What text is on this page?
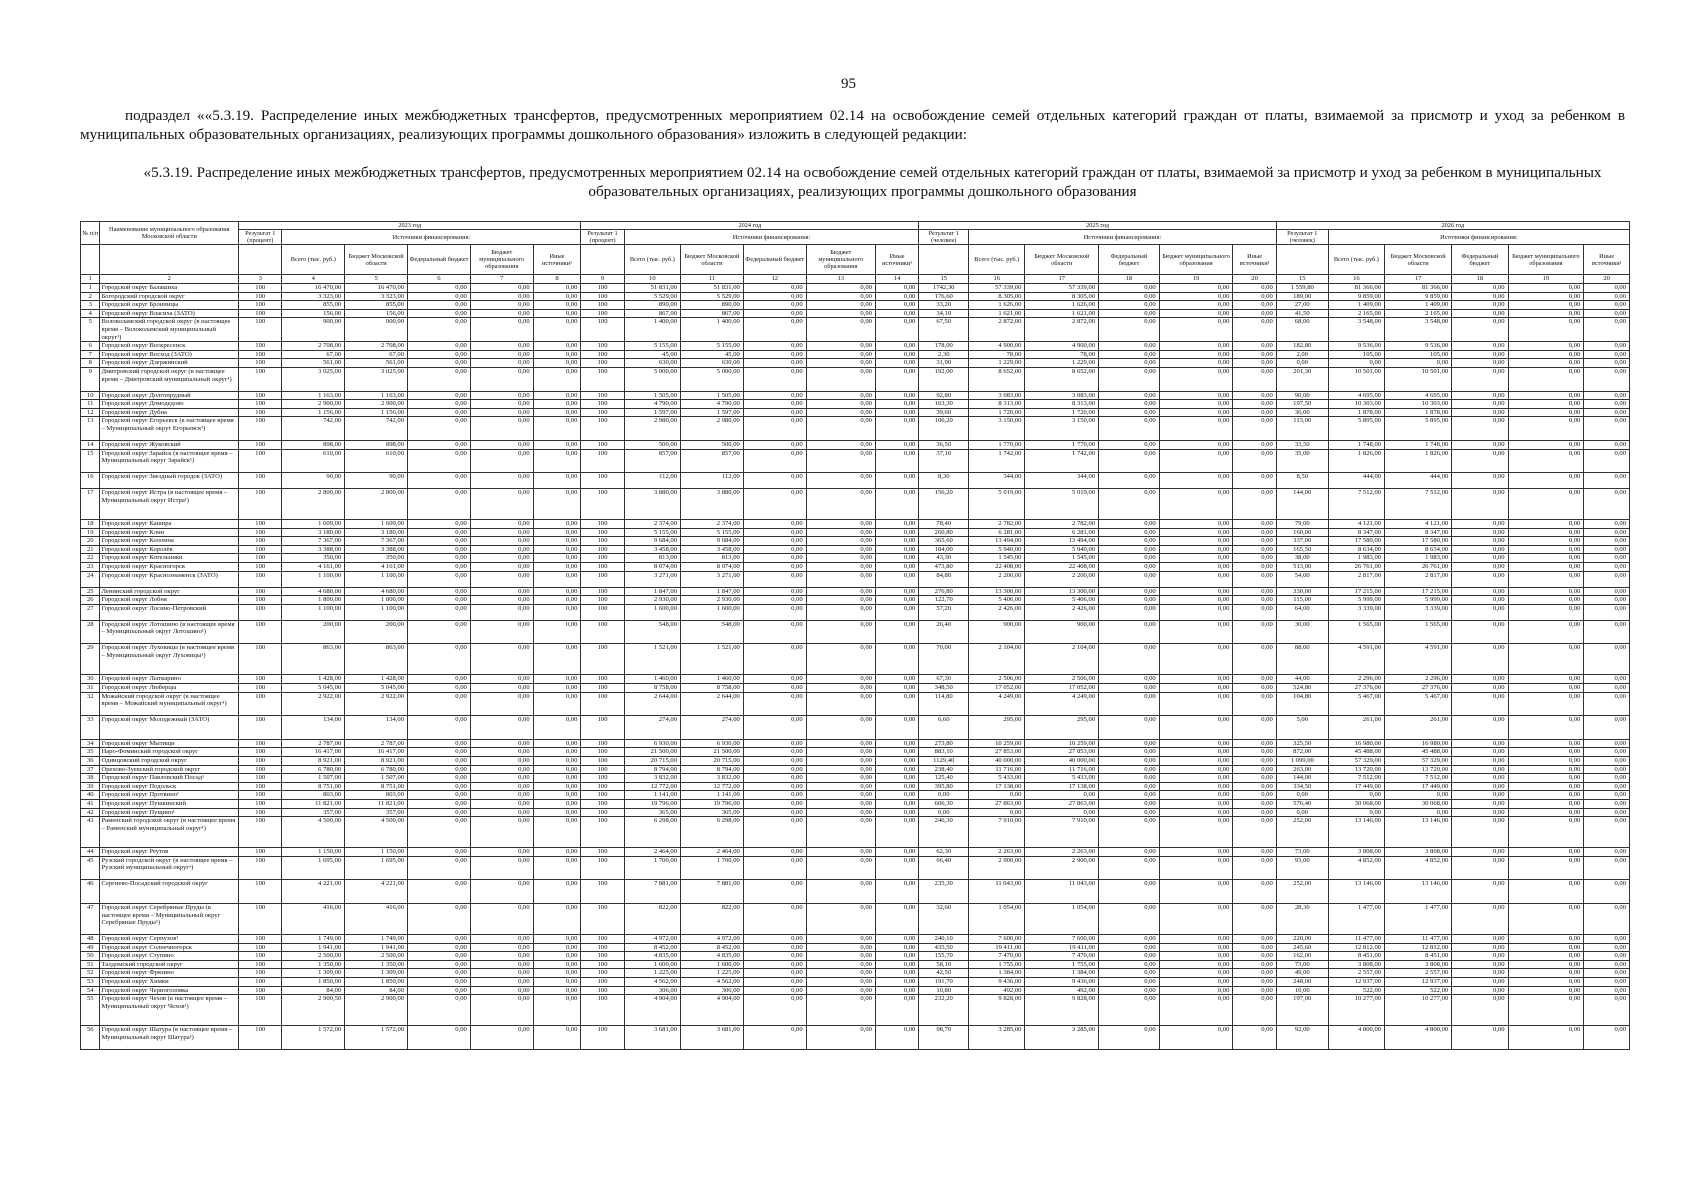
95
подраздел ««5.3.19. Распределение иных межбюджетных трансфертов, предусмотренных мероприятием 02.14 на освобождение семей отдельных категорий граждан от платы, взимаемой за присмотр и уход за ребенком в муниципальных образовательных организациях, реализующих программы дошкольного образования» изложить в следующей редакции:
«5.3.19. Распределение иных межбюджетных трансфертов, предусмотренных мероприятием 02.14 на освобождение семей отдельных категорий граждан от платы, взимаемой за присмотр и уход за ребенком в муниципальных образовательных организациях, реализующих программы дошкольного образования
№ п/п	Наименование муниципального образования Московской области	2023 год						2024 год						2025 год						2026 год					
		Результат 1 (процент)	Источники финансирования:					Результат 1 (процент)	Источники финансирования:					Результат 1 (человек)	Источники финансирования:					Результат 1 (человек)	Источники финансирования:				
			Всего (тыс. руб.)	Бюджет Московской области	Федеральный бюджет	Бюджет муниципального образования	Иные источники¹		Всего (тыс. руб.)	Бюджет Московской области	Федеральный бюджет	Бюджет муниципального образования	Иные источники¹		Всего (тыс. руб.)	Бюджет Московской области	Федеральный бюджет	Бюджет муниципального образования	Иные источники¹		Всего (тыс. руб.)	Бюджет Московской области	Федеральный бюджет	Бюджет муниципального образования	Иные источники¹
1	2	3	4	5	6	7	8	9	10	11	12	13	14	15	16	17	18	19	20	15	16	17	18	19	20
1	Городской округ Балашиха	100	16 470,00	16 470,00	0,00	0,00	0,00	100	51 831,00	51 831,00	0,00	0,00	0,00	1742,30	57 339,00	57 339,00	0,00	0,00	0,00	1 559,80	81 366,00	81 366,00	0,00	0,00	0,00
2	Богородский городской округ	100	3 323,00	3 323,00	0,00	0,00	0,00	100	5 529,00	5 529,00	0,00	0,00	0,00	176,60	8 305,00	8 305,00	0,00	0,00	0,00	189,00	9 859,00	9 859,00	0,00	0,00	0,00
3	Городской округ Бронницы	100	855,00	855,00	0,00	0,00	0,00	100	890,00	890,00	0,00	0,00	0,00	33,20	1 626,00	1 626,00	0,00	0,00	0,00	27,00	1 409,00	1 409,00	0,00	0,00	0,00
4	Городской округ Власиха (ЗАТО)	100	156,00	156,00	0,00	0,00	0,00	100	867,00	867,00	0,00	0,00	0,00	34,10	1 621,00	1 621,00	0,00	0,00	0,00	41,50	2 165,00	2 165,00	0,00	0,00	0,00
5	Волоколамский городской округ (в настоящее время – Волоколамский муниципальный округ¹)	100	900,00	900,00	0,00	0,00	0,00	100	1 400,00	1 400,00	0,00	0,00	0,00	67,50	2 872,00	2 872,00	0,00	0,00	0,00	68,00	3 548,00	3 548,00	0,00	0,00	0,00
6	Городской округ Воскресенск	100	2 708,00	2 708,00	0,00	0,00	0,00	100	5 155,00	5 155,00	0,00	0,00	0,00	178,00	4 900,00	4 900,00	0,00	0,00	0,00	182,80	9 536,00	9 536,00	0,00	0,00	0,00
7	Городской округ Восход (ЗАТО)	100	67,00	67,00	0,00	0,00	0,00	100	45,00	45,00	0,00	0,00	0,00	2,30	78,00	78,00	0,00	0,00	0,00	2,00	105,00	105,00	0,00	0,00	0,00
8	Городской округ Дзержинский	100	561,00	561,00	0,00	0,00	0,00	100	630,00	630,00	0,00	0,00	0,00	31,90	1 229,00	1 229,00	0,00	0,00	0,00	0,00	0,00	0,00	0,00	0,00	0,00
9	Дмитровский городской округ (в настоящее время – Дмитровский муниципальный округ¹)	100	3 025,00	3 025,00	0,00	0,00	0,00	100	5 000,00	5 000,00	0,00	0,00	0,00	192,00	8 652,00	8 652,00	0,00	0,00	0,00	201,30	10 501,00	10 501,00	0,00	0,00	0,00
10	Городской округ Долгопрудный	100	1 163,00	1 163,00	0,00	0,00	0,00	100	1 505,00	1 505,00	0,00	0,00	0,00	92,80	3 083,00	3 083,00	0,00	0,00	0,00	90,00	4 695,00	4 695,00	0,00	0,00	0,00
11	Городской округ Домодедово	100	2 900,00	2 900,00	0,00	0,00	0,00	100	4 790,00	4 790,00	0,00	0,00	0,00	163,30	8 313,00	8 313,00	0,00	0,00	0,00	197,50	10 303,00	10 303,00	0,00	0,00	0,00
12	Городской округ Дубна	100	1 156,00	1 156,00	0,00	0,00	0,00	100	1 597,00	1 597,00	0,00	0,00	0,00	39,60	1 720,00	1 720,00	0,00	0,00	0,00	36,00	1 878,00	1 878,00	0,00	0,00	0,00
13	Городской округ Егорьевск (в настоящее время – Муниципальный округ Егорьевск¹)	100	742,00	742,00	0,00	0,00	0,00	100	2 980,00	2 980,00	0,00	0,00	0,00	106,20	3 150,00	3 150,00	0,00	0,00	0,00	113,00	5 895,00	5 895,00	0,00	0,00	0,00
14	Городской округ Жуковский	100	898,00	898,00	0,00	0,00	0,00	100	500,00	500,00	0,00	0,00	0,00	36,50	1 770,00	1 770,00	0,00	0,00	0,00	33,50	1 748,00	1 748,00	0,00	0,00	0,00
15	Городской округ Зарайск (в настоящее время – Муниципальный округ Зарайск¹)	100	610,00	610,00	0,00	0,00	0,00	100	857,00	857,00	0,00	0,00	0,00	37,10	1 742,00	1 742,00	0,00	0,00	0,00	35,00	1 826,00	1 826,00	0,00	0,00	0,00
16	Городской округ Звездный городок (ЗАТО)	100	90,00	90,00	0,00	0,00	0,00	100	112,00	112,00	0,00	0,00	0,00	8,30	344,00	344,00	0,00	0,00	0,00	8,50	444,00	444,00	0,00	0,00	0,00
17	Городской округ Истра (в настоящее время – Муниципальный округ Истра¹)	100	2 800,00	2 800,00	0,00	0,00	0,00	100	3 880,00	3 880,00	0,00	0,00	0,00	156,20	5 019,00	5 019,00	0,00	0,00	0,00	144,00	7 512,00	7 512,00	0,00	0,00	0,00
18	Городской округ Кашира	100	1 609,00	1 609,00	0,00	0,00	0,00	100	2 374,00	2 374,00	0,00	0,00	0,00	78,40	2 782,00	2 782,00	0,00	0,00	0,00	79,00	4 121,00	4 121,00	0,00	0,00	0,00
19	Городской округ Клин	100	3 180,00	3 180,00	0,00	0,00	0,00	100	5 155,00	5 155,00	0,00	0,00	0,00	260,80	6 281,00	6 281,00	0,00	0,00	0,00	160,00	8 347,00	8 347,00	0,00	0,00	0,00
20	Городской округ Коломна	100	7 367,00	7 367,00	0,00	0,00	0,00	100	9 684,00	9 684,00	0,00	0,00	0,00	365,60	13 494,00	13 494,00	0,00	0,00	0,00	337,00	17 580,00	17 580,00	0,00	0,00	0,00
21	Городской округ Королёв	100	3 388,00	3 388,00	0,00	0,00	0,00	100	3 458,00	3 458,00	0,00	0,00	0,00	184,00	5 940,00	5 940,00	0,00	0,00	0,00	165,50	8 634,00	8 634,00	0,00	0,00	0,00
22	Городской округ Котельники	100	350,00	350,00	0,00	0,00	0,00	100	813,00	813,00	0,00	0,00	0,00	43,30	1 545,00	1 545,00	0,00	0,00	0,00	38,00	1 983,00	1 983,00	0,00	0,00	0,00
23	Городской округ Красногорск	100	4 161,00	4 161,00	0,00	0,00	0,00	100	8 074,00	8 074,00	0,00	0,00	0,00	473,80	22 408,00	22 408,00	0,00	0,00	0,00	513,00	26 761,00	26 761,00	0,00	0,00	0,00
24	Городской округ Краснознаменск (ЗАТО)	100	1 100,00	1 100,00	0,00	0,00	0,00	100	3 271,00	3 271,00	0,00	0,00	0,00	84,80	2 200,00	2 200,00	0,00	0,00	0,00	54,00	2 817,00	2 817,00	0,00	0,00	0,00
25	Ленинский городской округ	100	4 680,00	4 680,00	0,00	0,00	0,00	100	1 847,00	1 847,00	0,00	0,00	0,00	276,80	13 300,00	13 300,00	0,00	0,00	0,00	330,00	17 215,00	17 215,00	0,00	0,00	0,00
26	Городской округ Лобня	100	1 800,00	1 800,00	0,00	0,00	0,00	100	2 930,00	2 930,00	0,00	0,00	0,00	122,70	5 406,00	5 406,00	0,00	0,00	0,00	115,00	5 999,00	5 999,00	0,00	0,00	0,00
27	Городской округ Лосино-Петровский	100	1 100,00	1 100,00	0,00	0,00	0,00	100	1 600,00	1 600,00	0,00	0,00	0,00	57,20	2 426,00	2 426,00	0,00	0,00	0,00	64,00	3 339,00	3 339,00	0,00	0,00	0,00
28	Городской округ Лотошино (в настоящее время – Муниципальный округ Лотошино¹)	100	200,00	200,00	0,00	0,00	0,00	100	548,00	548,00	0,00	0,00	0,00	26,40	900,00	900,00	0,00	0,00	0,00	30,00	1 565,00	1 565,00	0,00	0,00	0,00
29	Городской округ Луховицы (в настоящее время – Муниципальный округ Луховицы¹)	100	863,00	863,00	0,00	0,00	0,00	100	1 521,00	1 521,00	0,00	0,00	0,00	70,00	2 104,00	2 104,00	0,00	0,00	0,00	88,00	4 591,00	4 591,00	0,00	0,00	0,00
30	Городской округ Лыткарино	100	1 428,00	1 428,00	0,00	0,00	0,00	100	1 460,00	1 460,00	0,00	0,00	0,00	67,30	2 506,00	2 506,00	0,00	0,00	0,00	44,00	2 296,00	2 296,00	0,00	0,00	0,00
31	Городской округ Люберцы	100	5 045,00	5 045,00	0,00	0,00	0,00	100	8 758,00	8 758,00	0,00	0,00	0,00	348,50	17 052,00	17 052,00	0,00	0,00	0,00	524,80	27 376,00	27 376,00	0,00	0,00	0,00
32	Можайский городской округ (в настоящее время – Можайский муниципальный округ¹)	100	2 922,00	2 922,00	0,00	0,00	0,00	100	2 644,00	2 644,00	0,00	0,00	0,00	114,80	4 249,00	4 249,00	0,00	0,00	0,00	104,80	5 467,00	5 467,00	0,00	0,00	0,00
33	Городской округ Молодежный (ЗАТО)	100	134,00	134,00	0,00	0,00	0,00	100	274,00	274,00	0,00	0,00	0,00	6,60	295,00	295,00	0,00	0,00	0,00	5,00	261,00	261,00	0,00	0,00	0,00
34	Городской округ Мытищи	100	2 787,00	2 787,00	0,00	0,00	0,00	100	6 930,00	6 930,00	0,00	0,00	0,00	273,80	10 259,00	10 259,00	0,00	0,00	0,00	325,50	16 980,00	16 980,00	0,00	0,00	0,00
35	Наро-Фоминский городской округ	100	16 417,00	16 417,00	0,00	0,00	0,00	100	21 500,00	21 500,00	0,00	0,00	0,00	883,10	27 853,00	27 853,00	0,00	0,00	0,00	872,00	45 488,00	45 488,00	0,00	0,00	0,00
36	Одинцовский городской округ	100	8 921,00	8 921,00	0,00	0,00	0,00	100	20 715,00	20 715,00	0,00	0,00	0,00	1129,40	40 000,00	40 000,00	0,00	0,00	0,00	1 099,00	57 329,00	57 329,00	0,00	0,00	0,00
37	Орехово-Зуевский городской округ	100	6 780,00	6 780,00	0,00	0,00	0,00	100	8 794,00	8 794,00	0,00	0,00	0,00	238,40	11 716,00	11 716,00	0,00	0,00	0,00	263,00	13 720,00	13 720,00	0,00	0,00	0,00
38	Городской округ Павловский Посад¹	100	1 507,00	1 507,00	0,00	0,00	0,00	100	3 832,00	3 832,00	0,00	0,00	0,00	125,40	5 433,00	5 433,00	0,00	0,00	0,00	144,00	7 512,00	7 512,00	0,00	0,00	0,00
39	Городской округ Подольск	100	8 751,00	8 751,00	0,00	0,00	0,00	100	12 772,00	12 772,00	0,00	0,00	0,00	395,80	17 138,00	17 138,00	0,00	0,00	0,00	334,50	17 449,00	17 449,00	0,00	0,00	0,00
40	Городской округ Протвино¹	100	803,00	803,00	0,00	0,00	0,00	100	1 141,00	1 141,00	0,00	0,00	0,00	0,00	0,00	0,00	0,00	0,00	0,00	0,00	0,00	0,00	0,00	0,00	0,00
41	Городской округ Пушкинский	100	11 821,00	11 821,00	0,00	0,00	0,00	100	19 796,00	19 796,00	0,00	0,00	0,00	606,30	27 863,00	27 863,00	0,00	0,00	0,00	576,40	30 068,00	30 068,00	0,00	0,00	0,00
42	Городской округ Пущино¹	100	357,00	357,00	0,00	0,00	0,00	100	365,00	365,00	0,00	0,00	0,00	0,00	0,00	0,00	0,00	0,00	0,00	0,00	0,00	0,00	0,00	0,00	0,00
43	Раменский городской округ (в настоящее время – Раменский муниципальный округ¹)	100	4 500,00	4 500,00	0,00	0,00	0,00	100	6 298,00	6 298,00	0,00	0,00	0,00	246,30	7 910,00	7 910,00	0,00	0,00	0,00	252,00	13 146,00	13 146,00	0,00	0,00	0,00
44	Городской округ Реутов	100	1 150,00	1 150,00	0,00	0,00	0,00	100	2 464,00	2 464,00	0,00	0,00	0,00	62,30	2 263,00	2 263,00	0,00	0,00	0,00	73,00	3 808,00	3 808,00	0,00	0,00	0,00
45	Рузский городской округ (в настоящее время – Рузский муниципальный округ¹)	100	1 695,00	1 695,00	0,00	0,00	0,00	100	1 700,00	1 700,00	0,00	0,00	0,00	66,40	2 900,00	2 900,00	0,00	0,00	0,00	93,00	4 852,00	4 852,00	0,00	0,00	0,00
46	Сергиево-Посадский городской округ	100	4 221,00	4 221,00	0,00	0,00	0,00	100	7 881,00	7 881,00	0,00	0,00	0,00	235,30	11 043,00	11 043,00	0,00	0,00	0,00	252,00	13 146,00	13 146,00	0,00	0,00	0,00
47	Городской округ Серебряные Пруды (в настоящее время – Муниципальный округ Серебряные Пруды¹)	100	416,00	416,00	0,00	0,00	0,00	100	822,00	822,00	0,00	0,00	0,00	32,60	1 054,00	1 054,00	0,00	0,00	0,00	28,30	1 477,00	1 477,00	0,00	0,00	0,00
48	Городской округ Серпухов¹	100	1 749,00	1 749,00	0,00	0,00	0,00	100	4 972,00	4 972,00	0,00	0,00	0,00	240,10	7 600,00	7 600,00	0,00	0,00	0,00	220,00	11 477,00	11 477,00	0,00	0,00	0,00
49	Городской округ Солнечногорск	100	1 941,00	1 941,00	0,00	0,00	0,00	100	8 452,00	8 452,00	0,00	0,00	0,00	435,50	19 411,00	19 411,00	0,00	0,00	0,00	245,60	12 812,00	12 812,00	0,00	0,00	0,00
50	Городской округ Ступино	100	2 500,00	2 500,00	0,00	0,00	0,00	100	4 835,00	4 835,00	0,00	0,00	0,00	155,70	7 470,00	7 470,00	0,00	0,00	0,00	162,00	8 451,00	8 451,00	0,00	0,00	0,00
51	Талдомский городской округ	100	1 350,00	1 350,00	0,00	0,00	0,00	100	1 600,00	1 600,00	0,00	0,00	0,00	58,10	1 755,00	1 755,00	0,00	0,00	0,00	73,00	3 808,00	3 808,00	0,00	0,00	0,00
52	Городской округ Фрязино	100	1 309,00	1 309,00	0,00	0,00	0,00	100	1 225,00	1 225,00	0,00	0,00	0,00	42,50	1 384,00	1 384,00	0,00	0,00	0,00	49,00	2 557,00	2 557,00	0,00	0,00	0,00
53	Городской округ Химки	100	1 850,00	1 850,00	0,00	0,00	0,00	100	4 562,00	4 562,00	0,00	0,00	0,00	191,70	9 436,00	9 436,00	0,00	0,00	0,00	248,00	12 937,00	12 937,00	0,00	0,00	0,00
54	Городской округ Черноголовка	100	84,00	84,00	0,00	0,00	0,00	100	306,00	306,00	0,00	0,00	0,00	10,80	492,00	492,00	0,00	0,00	0,00	10,00	522,00	522,00	0,00	0,00	0,00
55	Городской округ Чехов (в настоящее время – Муниципальный округ Чехов¹)	100	2 900,50	2 900,00	0,00	0,00	0,00	100	4 904,00	4 904,00	0,00	0,00	0,00	232,20	9 828,00	9 828,00	0,00	0,00	0,00	197,00	10 277,00	10 277,00	0,00	0,00	0,00
56	Городской округ Шатура (в настоящее время – Муниципальный округ Шатура¹)	100	1 572,00	1 572,00	0,00	0,00	0,00	100	3 681,00	3 681,00	0,00	0,00	0,00	98,70	3 285,00	3 285,00	0,00	0,00	0,00	92,00	4 800,00	4 800,00	0,00	0,00	0,00
